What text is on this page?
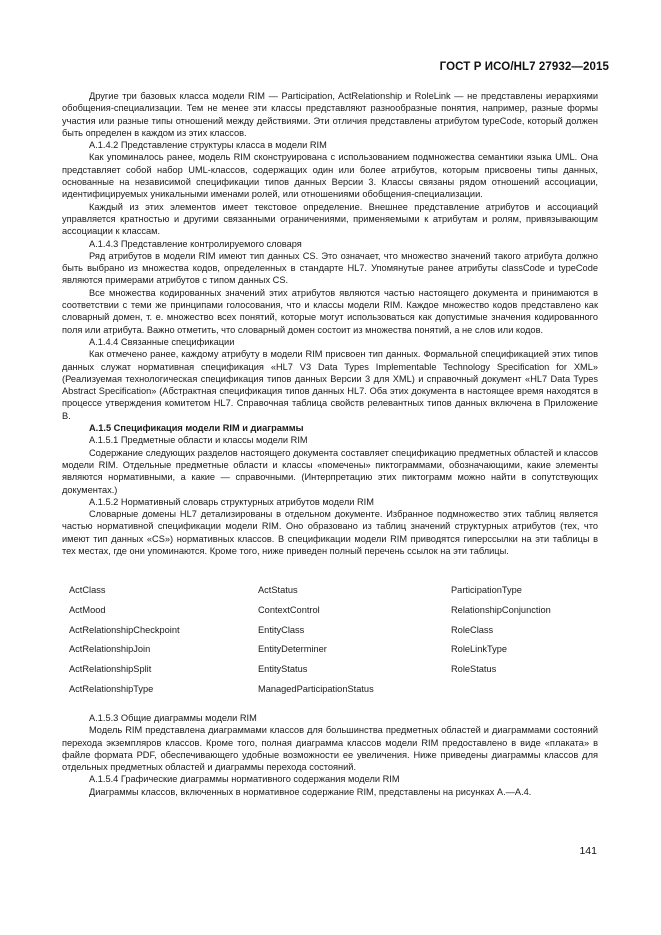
ГОСТ Р ИСО/HL7 27932—2015

Другие три базовых класса модели RIM — Participation, ActRelationship и RoleLink — не представлены иерархиями обобщения-специализации. Тем не менее эти классы представляют разнообразные понятия, например, разные формы участия или разные типы отношений между действиями. Эти отличия представлены атрибутом typeCode, который должен быть определен в каждом из этих классов.

А.1.4.2 Представление структуры класса в модели RIM

Как упоминалось ранее, модель RIM сконструирована с использованием подмножества семантики языка UML. Она представляет собой набор UML-классов, содержащих один или более атрибутов, которым присвоены типы данных, основанные на независимой спецификации типов данных Версии 3. Классы связаны рядом отношений ассоциации, идентифицируемых уникальными именами ролей, или отношениями обобщения-специализации.

Каждый из этих элементов имеет текстовое определение. Внешнее представление атрибутов и ассоциаций управляется кратностью и другими связанными ограничениями, применяемыми к атрибутам и ролям, привязывающим ассоциации к классам.

А.1.4.3 Представление контролируемого словаря

Ряд атрибутов в модели RIM имеют тип данных CS. Это означает, что множество значений такого атрибута должно быть выбрано из множества кодов, определенных в стандарте HL7. Упомянутые ранее атрибуты classCode и typeCode являются примерами атрибутов с типом данных CS.

Все множества кодированных значений этих атрибутов являются частью настоящего документа и принимаются в соответствии с теми же принципами голосования, что и классы модели RIM. Каждое множество кодов представлено как словарный домен, т. е. множество всех понятий, которые могут использоваться как допустимые значения кодированного поля или атрибута. Важно отметить, что словарный домен состоит из множества понятий, а не слов или кодов.

А.1.4.4 Связанные спецификации

Как отмечено ранее, каждому атрибуту в модели RIM присвоен тип данных. Формальной спецификацией этих типов данных служат нормативная спецификация «HL7 V3 Data Types Implementable Technology Specification for XML» (Реализуемая технологическая спецификация типов данных Версии 3 для XML) и справочный документ «HL7 Data Types Abstract Specification» (Абстрактная спецификация типов данных HL7. Оба этих документа в настоящее время находятся в процессе утверждения комитетом HL7. Справочная таблица свойств релевантных типов данных включена в Приложение В.

А.1.5 Спецификация модели RIM и диаграммы

А.1.5.1 Предметные области и классы модели RIM

Содержание следующих разделов настоящего документа составляет спецификацию предметных областей и классов модели RIM. Отдельные предметные области и классы «помечены» пиктограммами, обозначающими, какие элементы являются нормативными, а какие — справочными. (Интерпретацию этих пиктограмм можно найти в сопутствующих документах.)

А.1.5.2 Нормативный словарь структурных атрибутов модели RIM

Словарные домены HL7 детализированы в отдельном документе. Избранное подмножество этих таблиц является частью нормативной спецификации модели RIM. Оно образовано из таблиц значений структурных атрибутов (тех, что имеют тип данных «CS») нормативных классов. В спецификации модели RIM приводятся гиперссылки на эти таблицы в тех местах, где они упоминаются. Кроме того, ниже приведен полный перечень ссылок на эти таблицы.

ActClass	ActStatus	ParticipationType
ActMood	ContextControl	RelationshipConjunction
ActRelationshipCheckpoint	EntityClass	RoleClass
ActRelationshipJoin	EntityDeterminer	RoleLinkType
ActRelationshipSplit	EntityStatus	RoleStatus
ActRelationshipType	ManagedParticipationStatus

А.1.5.3 Общие диаграммы модели RIM

Модель RIM представлена диаграммами классов для большинства предметных областей и диаграммами состояний перехода экземпляров классов. Кроме того, полная диаграмма классов модели RIM предоставлено в виде «плаката» в файле формата PDF, обеспечивающего удобные возможности ее увеличения. Ниже приведены диаграммы классов для отдельных предметных областей и диаграммы перехода состояний.

А.1.5.4 Графические диаграммы нормативного содержания модели RIM

Диаграммы классов, включенных в нормативное содержание RIM, представлены на рисунках А.—А.4.

141
